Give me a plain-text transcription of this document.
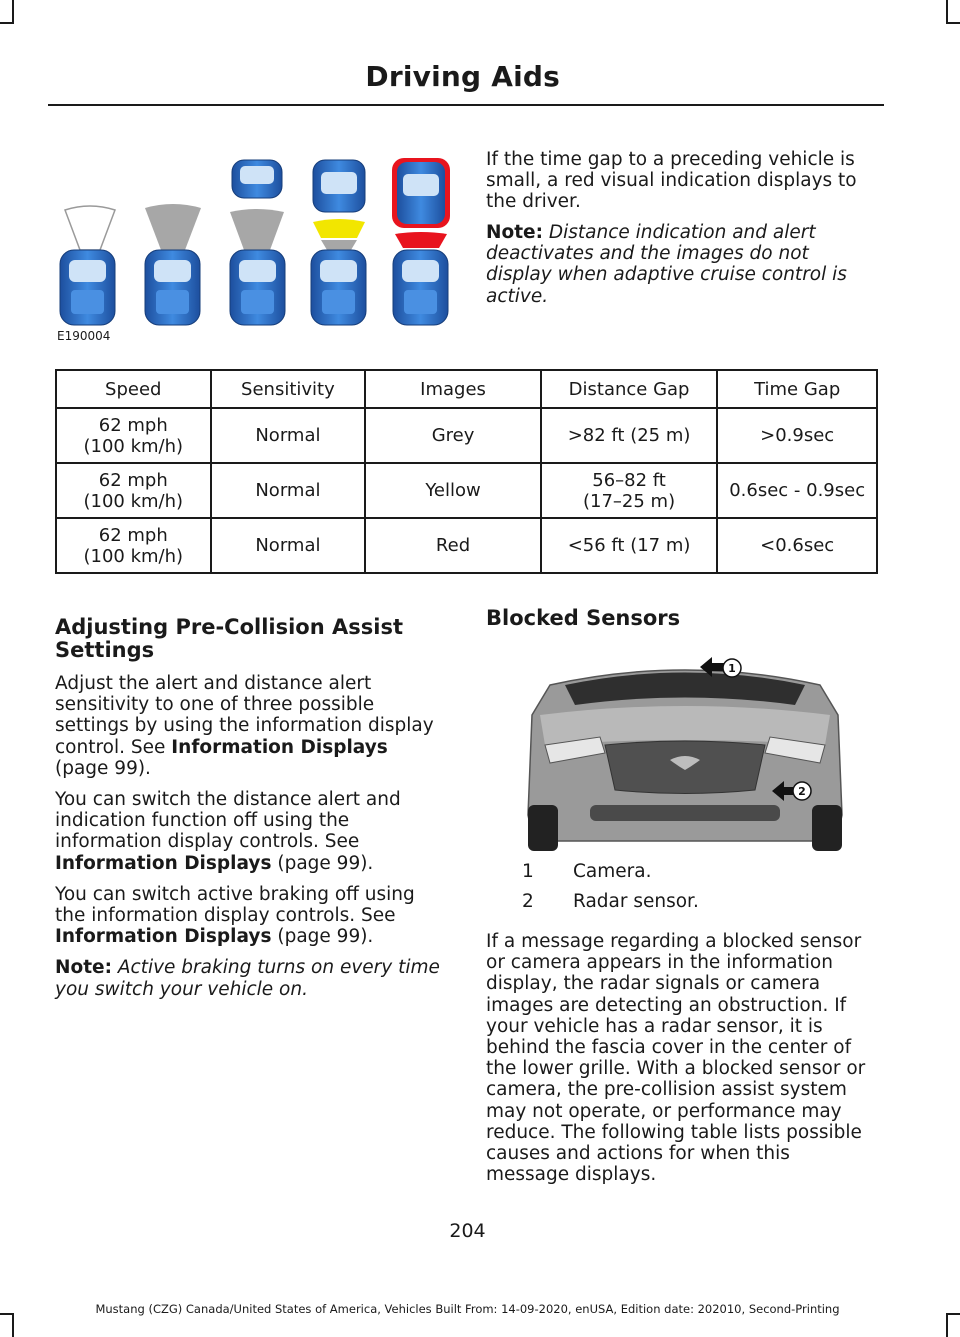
Driving Aids
E190004
If the time gap to a preceding vehicle is small, a red visual indication displays to the driver.
Note: Distance indication and alert deactivates and the images do not display when adaptive cruise control is active.
Speed	Sensitivity	Images	Distance Gap	Time Gap
62 mph
(100 km/h)	Normal	Grey	>82 ft (25 m)	>0.9sec
62 mph
(100 km/h)	Normal	Yellow	56–82 ft
(17–25 m)	0.6sec - 0.9sec
62 mph
(100 km/h)	Normal	Red	<56 ft (17 m)	<0.6sec
Adjusting Pre-Collision Assist Settings
Adjust the alert and distance alert sensitivity to one of three possible settings by using the information display control. See Information Displays (page 99).
You can switch the distance alert and indication function off using the information display controls. See Information Displays (page 99).
You can switch active braking off using the information display controls. See Information Displays (page 99).
Note: Active braking turns on every time you switch your vehicle on.
Blocked Sensors
1
2
1 Camera.
2 Radar sensor.
If a message regarding a blocked sensor or camera appears in the information display, the radar signals or camera images are detecting an obstruction. If your vehicle has a radar sensor, it is behind the fascia cover in the center of the lower grille. With a blocked sensor or camera, the pre-collision assist system may not operate, or performance may reduce. The following table lists possible causes and actions for when this message displays.
204
Mustang (CZG) Canada/United States of America, Vehicles Built From: 14-09-2020, enUSA, Edition date: 202010, Second-Printing
